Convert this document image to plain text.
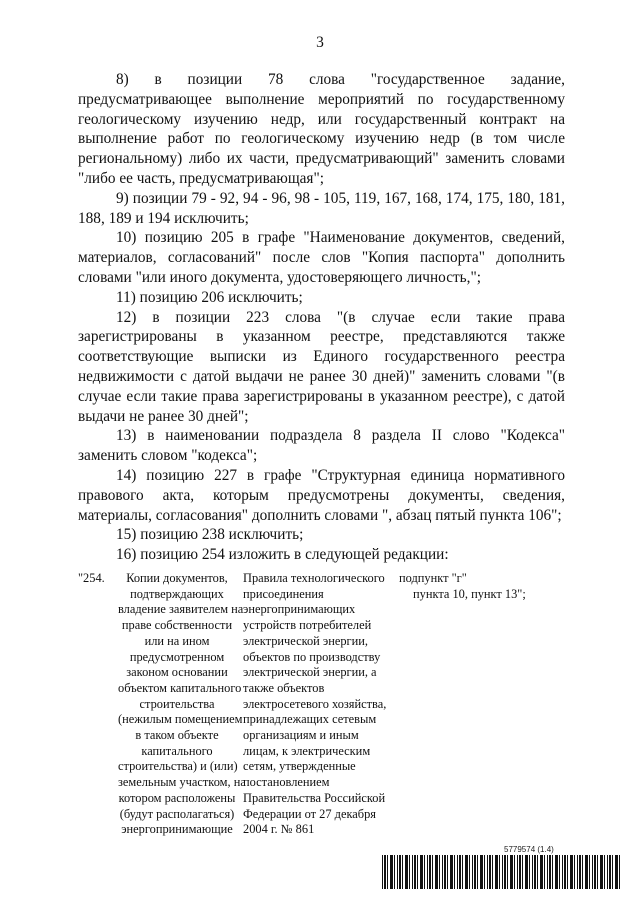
3

8) в позиции 78 слова "государственное задание, предусматривающее выполнение мероприятий по государственному геологическому изучению недр, или государственный контракт на выполнение работ по геологическому изучению недр (в том числе региональному) либо их части, предусматривающий" заменить словами "либо ее часть, предусматривающая";

9) позиции 79 - 92, 94 - 96, 98 - 105, 119, 167, 168, 174, 175, 180, 181, 188, 189 и 194 исключить;

10) позицию 205 в графе "Наименование документов, сведений, материалов, согласований" после слов "Копия паспорта" дополнить словами "или иного документа, удостоверяющего личность,";

11) позицию 206 исключить;

12) в позиции 223 слова "(в случае если такие права зарегистрированы в указанном реестре, представляются также соответствующие выписки из Единого государственного реестра недвижимости с датой выдачи не ранее 30 дней)" заменить словами "(в случае если такие права зарегистрированы в указанном реестре), с датой выдачи не ранее 30 дней";

13) в наименовании подраздела 8 раздела II слово "Кодекса" заменить словом "кодекса";

14) позицию 227 в графе "Структурная единица нормативного правового акта, которым предусмотрены документы, сведения, материалы, согласования" дополнить словами ", абзац пятый пункта 106";

15) позицию 238 исключить;

16) позицию 254 изложить в следующей редакции:

"254.	Копии документов,
подтверждающих
владение заявителем на
праве собственности
или на ином
предусмотренном
законом основании
объектом капитального
строительства
(нежилым помещением
в таком объекте
капитального
строительства) и (или)
земельным участком, на
котором расположены
(будут располагаться)
энергопринимающие
Правила технологического
присоединения
энергопринимающих
устройств потребителей
электрической энергии,
объектов по производству
электрической энергии, а
также объектов
электросетевого хозяйства,
принадлежащих сетевым
организациям и иным
лицам, к электрическим
сетям, утвержденные
постановлением
Правительства Российской
Федерации от 27 декабря
2004 г. № 861
подпункт "г"
пункта 10, пункт 13";
5779574 (1.4)
